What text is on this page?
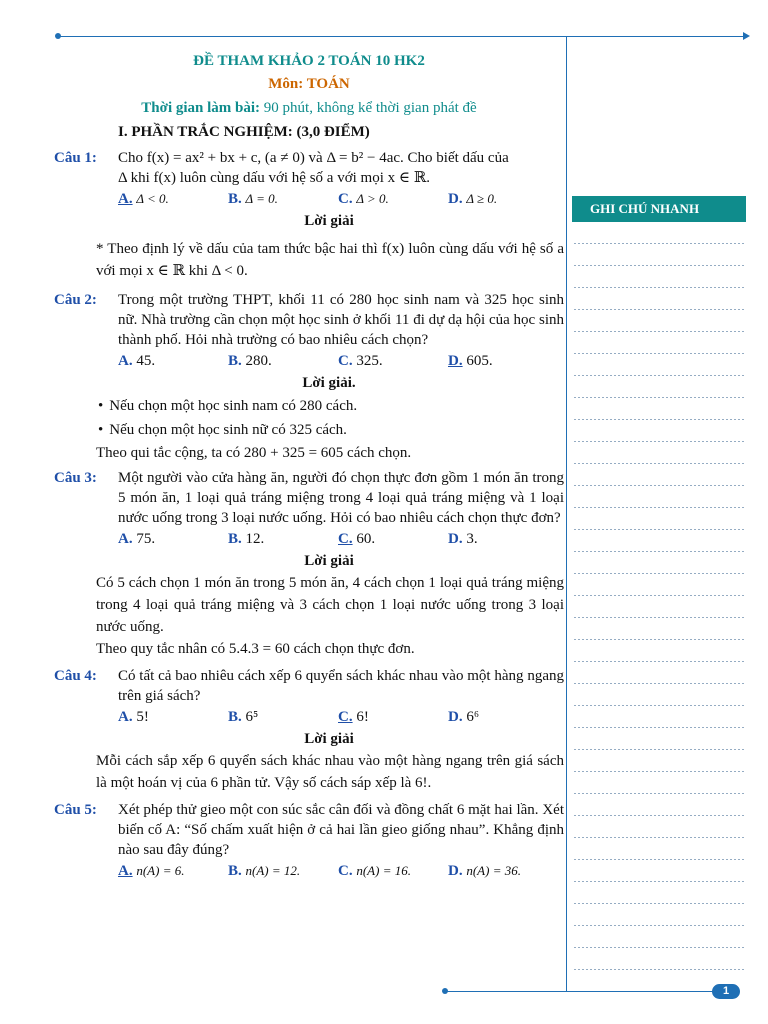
1
GHI CHÚ NHANH
ĐỀ THAM KHẢO 2 TOÁN 10 HK2
Môn: TOÁN
Thời gian làm bài: 90 phút, không kể thời gian phát đề
I. PHẦN TRẮC NGHIỆM: (3,0 ĐIỂM)
Câu 1: Cho f(x) = ax² + bx + c, (a ≠ 0) và Δ = b² − 4ac. Cho biết dấu của
Δ khi f(x) luôn cùng dấu với hệ số a với mọi x ∈ ℝ.
A. Δ < 0.	B. Δ = 0.	C. Δ > 0.	D. Δ ≥ 0.
Lời giải
* Theo định lý về dấu của tam thức bậc hai thì f(x) luôn cùng dấu với hệ số a với mọi x ∈ ℝ khi Δ < 0.
Câu 2: Trong một trường THPT, khối 11 có 280 học sinh nam và 325 học sinh nữ. Nhà trường cần chọn một học sinh ở khối 11 đi dự dạ hội của học sinh thành phố. Hỏi nhà trường có bao nhiêu cách chọn?
A. 45.	B. 280.	C. 325.	D. 605.
Lời giải.
• Nếu chọn một học sinh nam có 280 cách.
• Nếu chọn một học sinh nữ có 325 cách.
Theo qui tắc cộng, ta có 280 + 325 = 605 cách chọn.
Câu 3: Một người vào cửa hàng ăn, người đó chọn thực đơn gồm 1 món ăn trong 5 món ăn, 1 loại quả tráng miệng trong 4 loại quả tráng miệng và 1 loại nước uống trong 3 loại nước uống. Hỏi có bao nhiêu cách chọn thực đơn?
A. 75.	B. 12.	C. 60.	D. 3.
Lời giải
Có 5 cách chọn 1 món ăn trong 5 món ăn, 4 cách chọn 1 loại quả tráng miệng trong 4 loại quả tráng miệng và 3 cách chọn 1 loại nước uống trong 3 loại nước uống.
Theo quy tắc nhân có 5.4.3 = 60 cách chọn thực đơn.
Câu 4: Có tất cả bao nhiêu cách xếp 6 quyển sách khác nhau vào một hàng ngang trên giá sách?
A. 5!	B. 6⁵	C. 6!	D. 6⁶
Lời giải
Mỗi cách sắp xếp 6 quyển sách khác nhau vào một hàng ngang trên giá sách là một hoán vị của 6 phần tử. Vậy số cách sáp xếp là 6!.
Câu 5: Xét phép thử gieo một con súc sắc cân đối và đồng chất 6 mặt hai lần. Xét biến cố A: “Số chấm xuất hiện ở cả hai lần gieo giống nhau”. Khẳng định nào sau đây đúng?
A. n(A) = 6.	B. n(A) = 12.	C. n(A) = 16.	D. n(A) = 36.
